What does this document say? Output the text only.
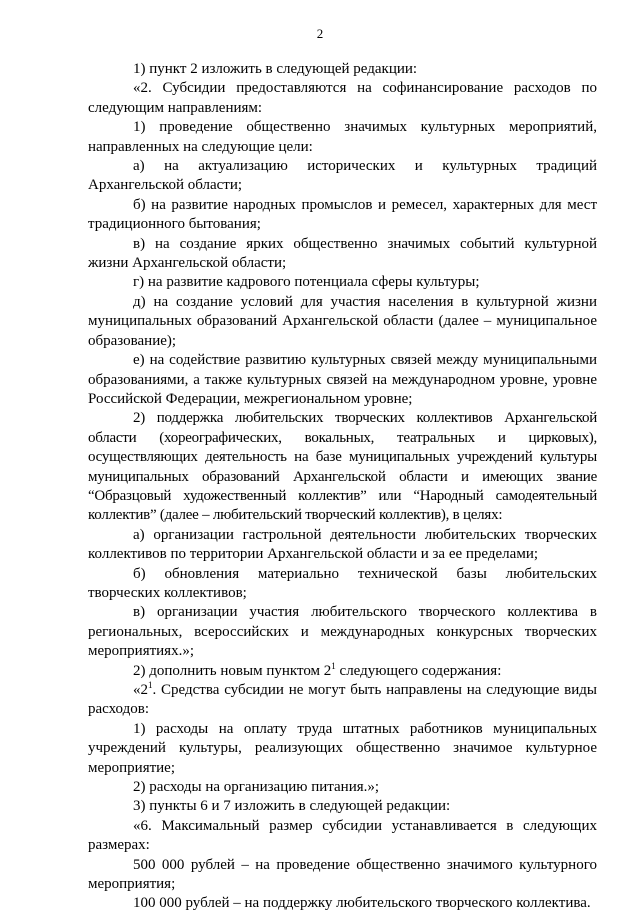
2

1) пункт 2 изложить в следующей редакции:

«2. Субсидии предоставляются на софинансирование расходов по следующим направлениям:

1) проведение общественно значимых культурных мероприятий, направленных на следующие цели:

а) на актуализацию исторических и культурных традиций Архангельской области;

б) на развитие народных промыслов и ремесел, характерных для мест традиционного бытования;

в) на создание ярких общественно значимых событий культурной жизни Архангельской области;

г) на развитие кадрового потенциала сферы культуры;

д) на создание условий для участия населения в культурной жизни муниципальных образований Архангельской области (далее – муниципальное образование);

е) на содействие развитию культурных связей между муниципальными образованиями, а также культурных связей на международном уровне, уровне Российской Федерации, межрегиональном уровне;

2) поддержка любительских творческих коллективов Архангельской области (хореографических, вокальных, театральных и цирковых), осуществляющих деятельность на базе муниципальных учреждений культуры муниципальных образований Архангельской области и имеющих звание “Образцовый художественный коллектив” или “Народный самодеятельный коллектив” (далее – любительский творческий коллектив), в целях:

а) организации гастрольной деятельности любительских творческих коллективов по территории Архангельской области и за ее пределами;

б) обновления материально технической базы любительских творческих коллективов;

в) организации участия любительского творческого коллектива в региональных, всероссийских и международных конкурсных творческих мероприятиях.»;

2) дополнить новым пунктом $2^1$ следующего содержания:

«$2^1$. Средства субсидии не могут быть направлены на следующие виды расходов:

1) расходы на оплату труда штатных работников муниципальных учреждений культуры, реализующих общественно значимое культурное мероприятие;

2) расходы на организацию питания.»;

3) пункты 6 и 7 изложить в следующей редакции:

«6. Максимальный размер субсидии устанавливается в следующих размерах:

500 000 рублей – на проведение общественно значимого культурного мероприятия;

100 000 рублей – на поддержку любительского творческого коллектива.
